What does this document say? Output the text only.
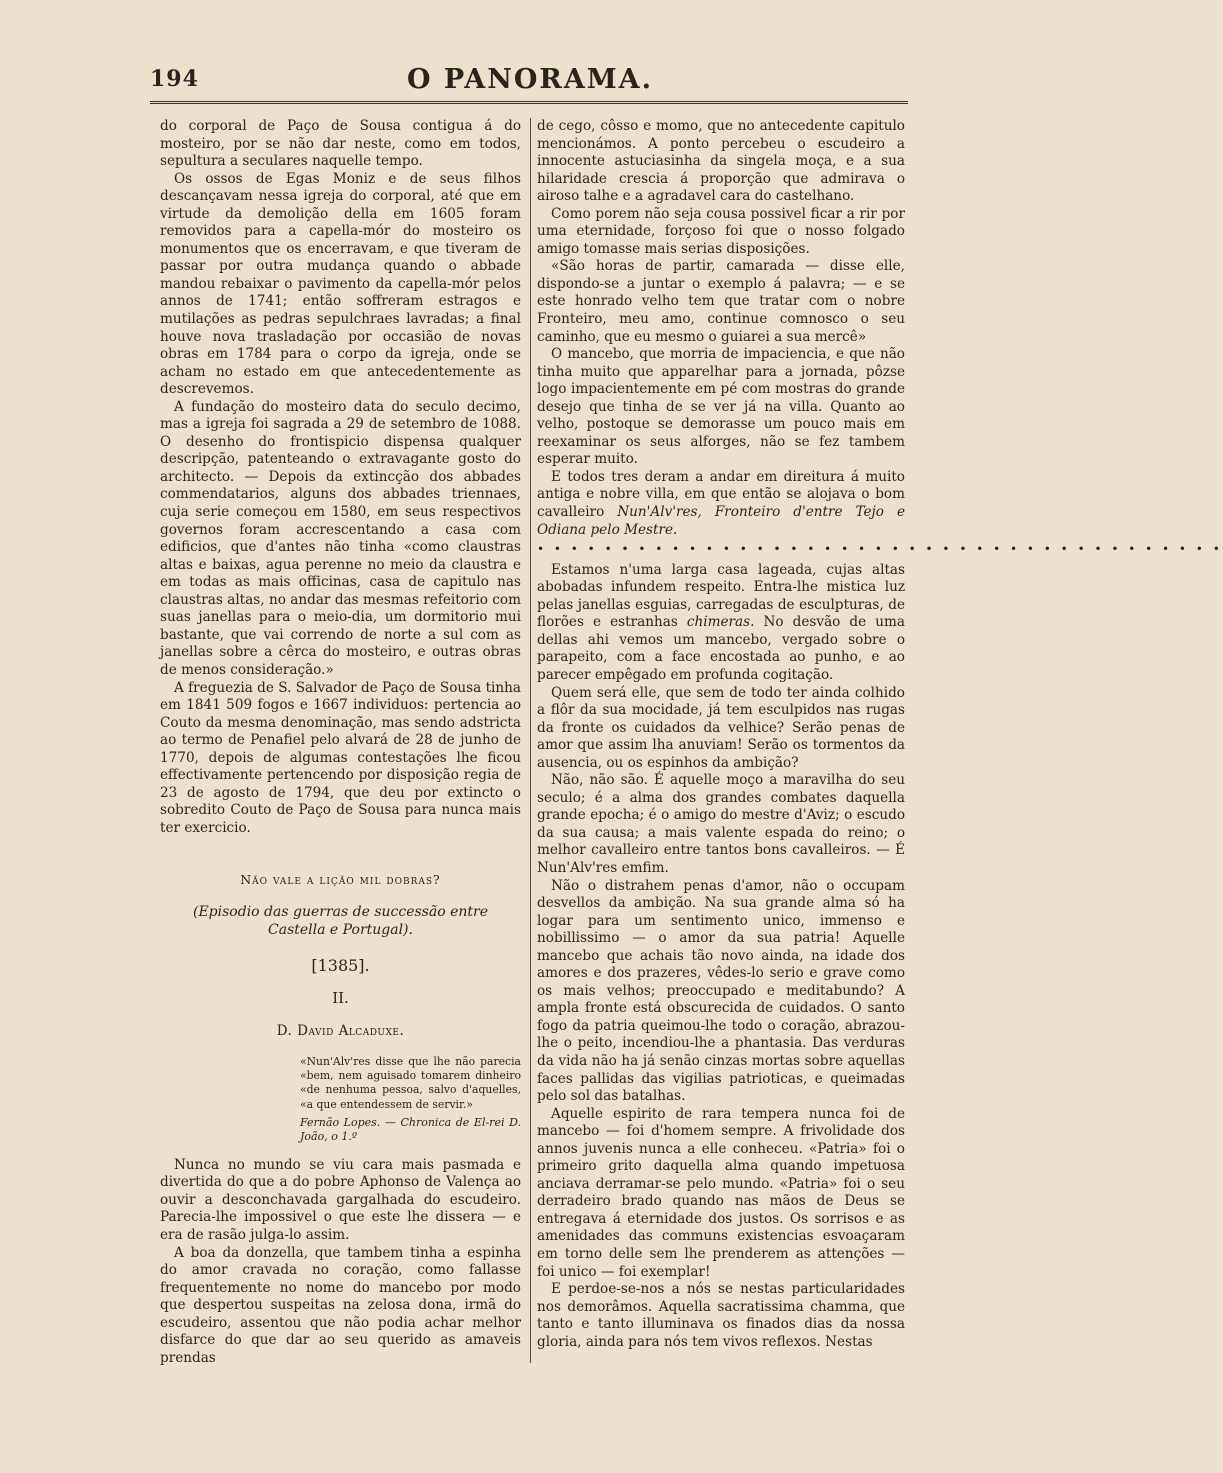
194	O PANORAMA.

do corporal de Paço de Sousa contigua á do mosteiro, por se não dar neste, como em todos, sepultura a seculares naquelle tempo.

Os ossos de Egas Moniz e de seus filhos descançavam nessa igreja do corporal, até que em virtude da demolição della em 1605 foram removidos para a capella-mór do mosteiro os monumentos que os encerravam, e que tiveram de passar por outra mudança quando o abbade mandou rebaixar o pavimento da capella-mór pelos annos de 1741; então soffreram estragos e mutilações as pedras sepulchraes lavradas; a final houve nova trasladação por occasião de novas obras em 1784 para o corpo da igreja, onde se acham no estado em que antecedentemente as descrevemos.

A fundação do mosteiro data do seculo decimo, mas a igreja foi sagrada a 29 de setembro de 1088. O desenho do frontispicio dispensa qualquer descripção, patenteando o extravagante gosto do architecto. — Depois da extincção dos abbades commendatarios, alguns dos abbades triennaes, cuja serie começou em 1580, em seus respectivos governos foram accrescentando a casa com edificios, que d'antes não tinha «como claustras altas e baixas, agua perenne no meio da claustra e em todas as mais officinas, casa de capitulo nas claustras altas, no andar das mesmas refeitorio com suas janellas para o meio-dia, um dormitorio mui bastante, que vai correndo de norte a sul com as janellas sobre a cêrca do mosteiro, e outras obras de menos consideração.»

A freguezia de S. Salvador de Paço de Sousa tinha em 1841 509 fogos e 1667 individuos: pertencia ao Couto da mesma denominação, mas sendo adstricta ao termo de Penafiel pelo alvará de 28 de junho de 1770, depois de algumas contestações lhe ficou effectivamente pertencendo por disposição regia de 23 de agosto de 1794, que deu por extincto o sobredito Couto de Paço de Sousa para nunca mais ter exercicio.

Não vale a lição mil dobras?
(Episodio das guerras de successão entre Castella e Portugal).
[1385].
II.
D. David Alcaduxe.
«Nun'Alv'res disse que lhe não parecia «bem, nem aguisado tomarem dinheiro «de nenhuma pessoa, salvo d'aquelles, «a que entendessem de servir.»
Fernão Lopes. — Chronica de El-rei D. João, o 1.º

Nunca no mundo se viu cara mais pasmada e divertida do que a do pobre Aphonso de Valença ao ouvir a desconchavada gargalhada do escudeiro. Parecia-lhe impossivel o que este lhe dissera — e era de rasão julga-lo assim.

A boa da donzella, que tambem tinha a espinha do amor cravada no coração, como fallasse frequentemente no nome do mancebo por modo que despertou suspeitas na zelosa dona, irmã do escudeiro, assentou que não podia achar melhor disfarce do que dar ao seu querido as amaveis prendas

de cego, côsso e momo, que no antecedente capitulo mencionámos. A ponto percebeu o escudeiro a innocente astuciasinha da singela moça, e a sua hilaridade crescia á proporção que admirava o airoso talhe e a agradavel cara do castelhano.

Como porem não seja cousa possivel ficar a rir por uma eternidade, forçoso foi que o nosso folgado amigo tomasse mais serias disposições.

«São horas de partir, camarada — disse elle, dispondo-se a juntar o exemplo á palavra; — e se este honrado velho tem que tratar com o nobre Fronteiro, meu amo, continue comnosco o seu caminho, que eu mesmo o guiarei a sua mercê»

O mancebo, que morria de impaciencia, e que não tinha muito que apparelhar para a jornada, pôzse logo impacientemente em pé com mostras do grande desejo que tinha de se ver já na villa. Quanto ao velho, postoque se demorasse um pouco mais em reexaminar os seus alforges, não se fez tambem esperar muito.

E todos tres deram a andar em direitura á muito antiga e nobre villa, em que então se alojava o bom cavalleiro Nun'Alv'res, Fronteiro d'entre Tejo e Odiana pelo Mestre.

• • • • • • • • • • • • • • • • • • • • • • • • • • • • • • • • • • • • • • • • •

Estamos n'uma larga casa lageada, cujas altas abobadas infundem respeito. Entra-lhe mistica luz pelas janellas esguias, carregadas de esculpturas, de florões e estranhas chimeras. No desvão de uma dellas ahi vemos um mancebo, vergado sobre o parapeito, com a face encostada ao punho, e ao parecer empêgado em profunda cogitação.

Quem será elle, que sem de todo ter ainda colhido a flôr da sua mocidade, já tem esculpidos nas rugas da fronte os cuidados da velhice? Serão penas de amor que assim lha anuviam! Serão os tormentos da ausencia, ou os espinhos da ambição?

Não, não são. É aquelle moço a maravilha do seu seculo; é a alma dos grandes combates daquella grande epocha; é o amigo do mestre d'Aviz; o escudo da sua causa; a mais valente espada do reino; o melhor cavalleiro entre tantos bons cavalleiros. — É Nun'Alv'res emfim.

Não o distrahem penas d'amor, não o occupam desvellos da ambição. Na sua grande alma só ha logar para um sentimento unico, immenso e nobillissimo — o amor da sua patria! Aquelle mancebo que achais tão novo ainda, na idade dos amores e dos prazeres, vêdes-lo serio e grave como os mais velhos; preoccupado e meditabundo? A ampla fronte está obscurecida de cuidados. O santo fogo da patria queimou-lhe todo o coração, abrazou-lhe o peito, incendiou-lhe a phantasia. Das verduras da vida não ha já senão cinzas mortas sobre aquellas faces pallidas das vigilias patrioticas, e queimadas pelo sol das batalhas.

Aquelle espirito de rara tempera nunca foi de mancebo — foi d'homem sempre. A frivolidade dos annos juvenis nunca a elle conheceu. «Patria» foi o primeiro grito daquella alma quando impetuosa anciava derramar-se pelo mundo. «Patria» foi o seu derradeiro brado quando nas mãos de Deus se entregava á eternidade dos justos. Os sorrisos e as amenidades das communs existencias esvoaçaram em torno delle sem lhe prenderem as attenções — foi unico — foi exemplar!

E perdoe-se-nos a nós se nestas particularidades nos demorâmos. Aquella sacratissima chamma, que tanto e tanto illuminava os finados dias da nossa gloria, ainda para nós tem vivos reflexos. Nestas
